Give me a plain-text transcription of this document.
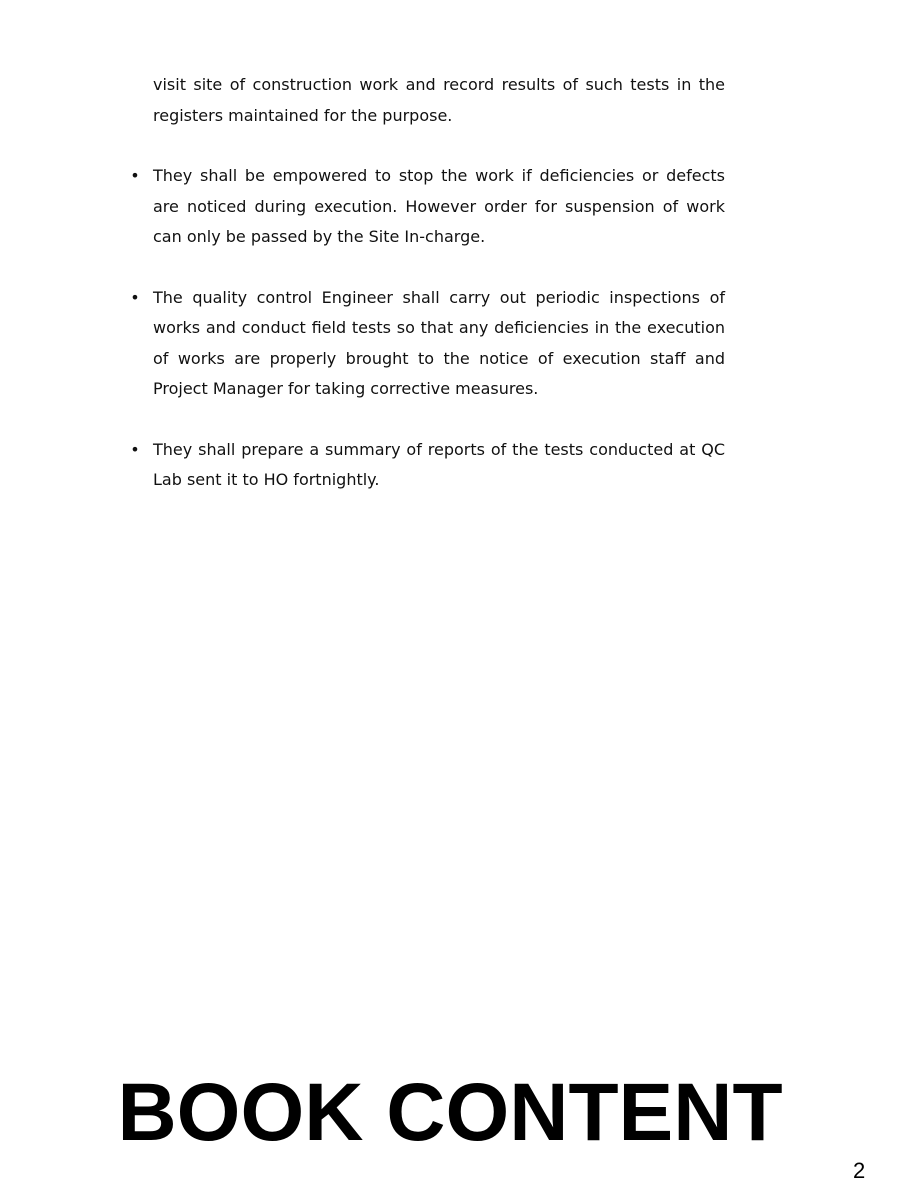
visit site of construction work and record results of such tests in the registers maintained for the purpose.

• They shall be empowered to stop the work if deficiencies or defects are noticed during execution. However order for suspension of work can only be passed by the Site In-charge.
• The quality control Engineer shall carry out periodic inspections of works and conduct field tests so that any deficiencies in the execution of works are properly brought to the notice of execution staff and Project Manager for taking corrective measures.
• They shall prepare a summary of reports of the tests conducted at QC Lab sent it to HO fortnightly.
BOOK CONTENT
2
